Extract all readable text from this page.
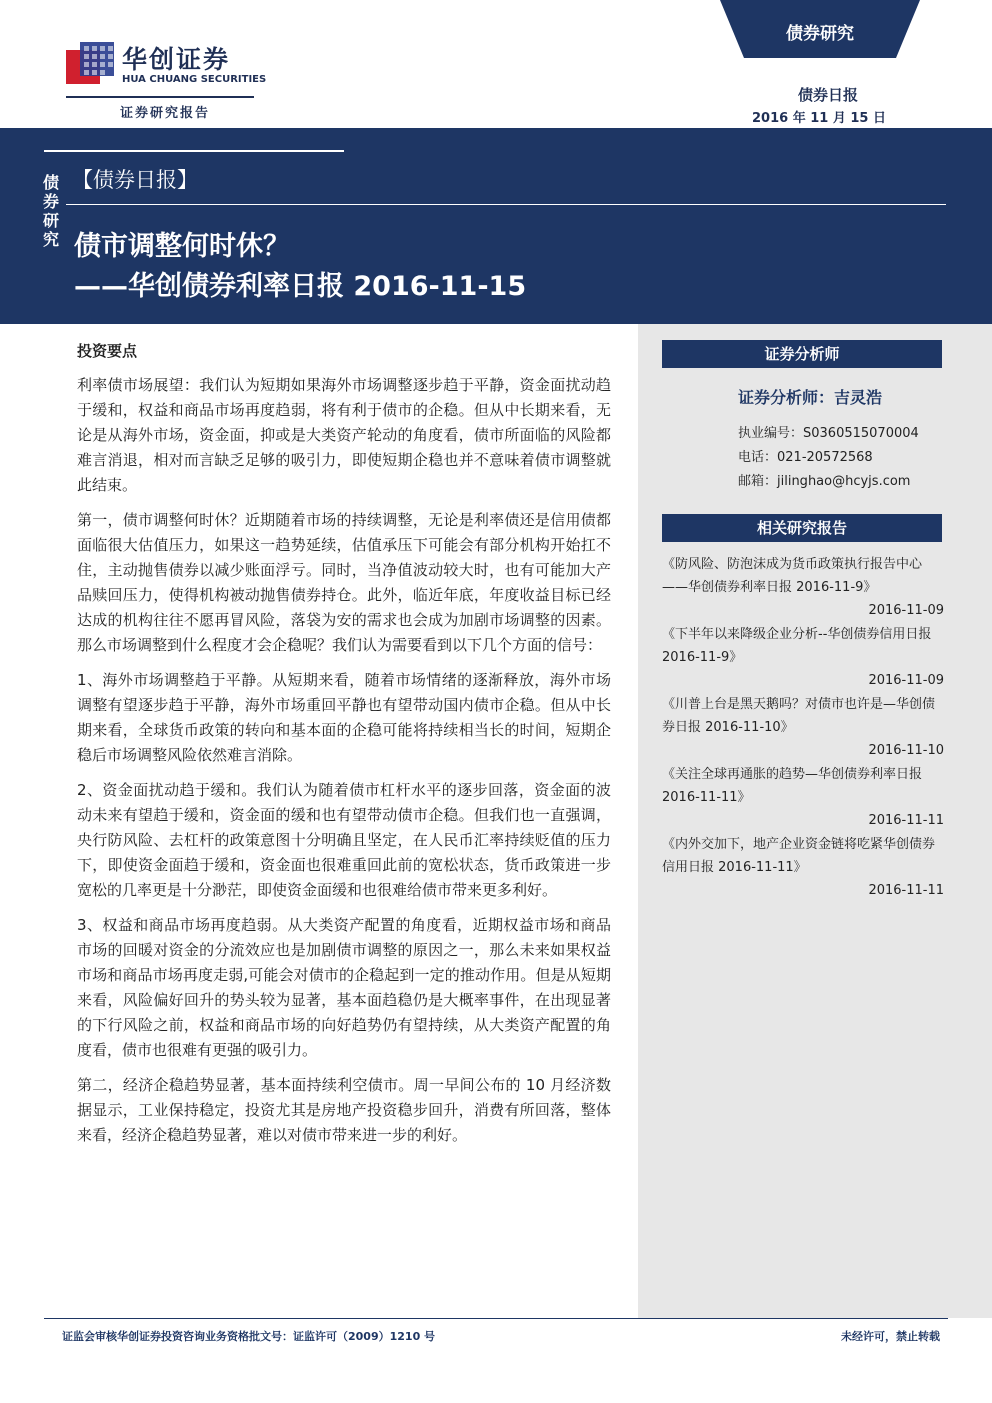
华创证券
HUA CHUANG SECURITIES
证券研究报告
债券研究
债券日报
2016 年 11 月 15 日
债券研究
【债券日报】
债市调整何时休？
——华创债券利率日报 2016-11-15
投资要点

利率债市场展望：我们认为短期如果海外市场调整逐步趋于平静，资金面扰动趋于缓和，权益和商品市场再度趋弱，将有利于债市的企稳。但从中长期来看，无论是从海外市场，资金面，抑或是大类资产轮动的角度看，债市所面临的风险都难言消退，相对而言缺乏足够的吸引力，即使短期企稳也并不意味着债市调整就此结束。

第一，债市调整何时休？近期随着市场的持续调整，无论是利率债还是信用债都面临很大估值压力，如果这一趋势延续，估值承压下可能会有部分机构开始扛不住，主动抛售债券以减少账面浮亏。同时，当净值波动较大时，也有可能加大产品赎回压力，使得机构被动抛售债券持仓。此外，临近年底，年度收益目标已经达成的机构往往不愿再冒风险，落袋为安的需求也会成为加剧市场调整的因素。那么市场调整到什么程度才会企稳呢？我们认为需要看到以下几个方面的信号：

1、海外市场调整趋于平静。从短期来看，随着市场情绪的逐渐释放，海外市场调整有望逐步趋于平静，海外市场重回平静也有望带动国内债市企稳。但从中长期来看，全球货币政策的转向和基本面的企稳可能将持续相当长的时间，短期企稳后市场调整风险依然难言消除。

2、资金面扰动趋于缓和。我们认为随着债市杠杆水平的逐步回落，资金面的波动未来有望趋于缓和，资金面的缓和也有望带动债市企稳。但我们也一直强调，央行防风险、去杠杆的政策意图十分明确且坚定，在人民币汇率持续贬值的压力下，即使资金面趋于缓和，资金面也很难重回此前的宽松状态，货币政策进一步宽松的几率更是十分渺茫，即使资金面缓和也很难给债市带来更多利好。

3、权益和商品市场再度趋弱。从大类资产配置的角度看，近期权益市场和商品市场的回暖对资金的分流效应也是加剧债市调整的原因之一，那么未来如果权益市场和商品市场再度走弱,可能会对债市的企稳起到一定的推动作用。但是从短期来看，风险偏好回升的势头较为显著，基本面趋稳仍是大概率事件，在出现显著的下行风险之前，权益和商品市场的向好趋势仍有望持续，从大类资产配置的角度看，债市也很难有更强的吸引力。

第二，经济企稳趋势显著，基本面持续利空债市。周一早间公布的 10 月经济数据显示，工业保持稳定，投资尤其是房地产投资稳步回升，消费有所回落，整体来看，经济企稳趋势显著，难以对债市带来进一步的利好。

证券分析师
证券分析师：吉灵浩
执业编号：S0360515070004
电话：021-20572568
邮箱：jilinghao@hcyjs.com
相关研究报告
《防风险、防泡沫成为货币政策执行报告中心——华创债券利率日报 2016-11-9》
2016-11-09
《下半年以来降级企业分析--华创债券信用日报 2016-11-9》
2016-11-09
《川普上台是黑天鹅吗？对债市也许是—华创债券日报 2016-11-10》
2016-11-10
《关注全球再通胀的趋势—华创债券利率日报 2016-11-11》
2016-11-11
《内外交加下，地产企业资金链将吃紧华创债券信用日报 2016-11-11》
2016-11-11
证监会审核华创证券投资咨询业务资格批文号：证监许可（2009）1210 号	未经许可，禁止转载
